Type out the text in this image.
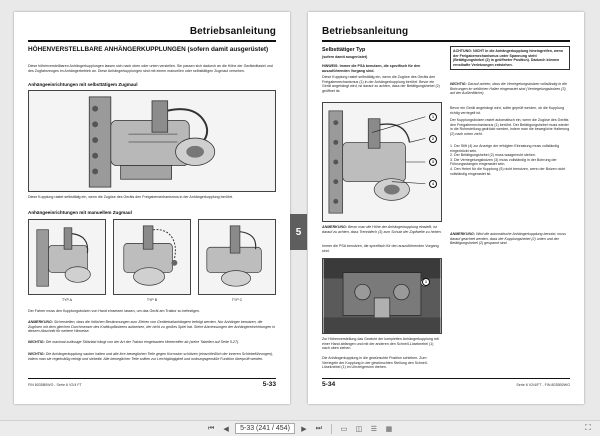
Betriebsanleitung
HÖHENVERSTELLBARE ANHÄNGERKUPPLUNGEN (sofern damit ausgerüstet)
Diese höhenverstellbaren Anhängerkupplungen lassen sich nach oben oder unten verstellen. Sie passen sich dadurch an die Höhe der Geräteditasiel und des Zugfahrzeuges im Anhängerbetrieb an. Diese Anhängerkupplungen sind mit einem manuellen oder selbsttätigen Zugmaul versehen.
Anhängeeinrichtungen mit selbsttätigem Zugmaul
Diese Kupplung rastet selbsttätig ein, wenn die Zugöse des Geräts den Freigabemechanismus in der Anhängerkupplung berührt.
Anhängeeinrichtungen mit manuellem Zugmaul
TYP A	TYP B	TYP C
Der Fahrer muss den Kupplungsbolzen von Hand einsetzen lassen, um das Gerät am Traktor zu befestigen.
ANMERKUNG: Sicherstellen, dass die örtlichen Bestimmungen zum Ziehen von Gerätetrailanhängern befolgt werden. Nur Anhänger benutzen, die Zugösen mit dem gleichen Durchmesser des Kraftkupfbolzens aufweisen, der nicht zu großes Spiel hat. Siehe Abmessungen der Anhängereinrichtungen in diesem Abschnitt für weitere Hinweise.
WICHTIG: Die maximal zulässige Stützlast hängt von der Art der Traktor eingebauten Hinterreifen ab (siehe Tabellen auf Seite 5-27).
WICHTIG: Die Anhängerkupplung sauber halten und alle ihre beweglichen Teile gegen Korrosion schützen (einschließlich der inneren Schiebeführungen), indem man sie regelmäßig reinigt und siebelbt. Alle beweglichen Teile sollten zur Leichtgängigkeit und ordnungsgemäße Funktion überprüft werden.
FIN 8035B0WG - Serie 6 V2/4 FT	5-33
5
Betriebsanleitung
Selbsttätiger Typ
(sofern damit ausgerüstet)
HINWEIS: Immer die PSA benutzen, die spezifisch für den auszuführenden Vorgang sind.
Diese Kupplung rastet selbsttätig ein, wenn die Zugöse des Geräts den Freigabemechanismus (1) in der Anhängerkupplung berührt. Bevor ein Gerät angehängt wird, ist darauf zu achten, dass der Betätigungshebel (2) geöffnet ist.
ACHTUNG: NICHT in die Anhängerkupplung hineingreifen, wenn der Freigabemechanismus unter Spannung steht (Betätigungshebel (2) in geöffneter Position). Dadurch können ernsthafte Verletzungen entstehen.
WICHTIG: Darauf achten, dass die Verriegelungsbolzen vollständig in die Bohrungen im seitlichen Halter eingerastet sind (Verriegelungsbolzen (3) auf der Außenfläche).
Bevor ein Gerät angehängt wird, sollte geprüft werden, ob die Kupplung richtig verriegelt ist.
Der Kupplungsbolzen rastet automatisch ein, wenn die Zugöse des Geräts den Freigabemechanismus (1) berührt. Der Betätigungshebel muss wieder in die Ruhestellung gedrückt werden, indem man die bewegliche Halterung (2) nach unten zieht.
1. Der Stift (4) zur Anzeige der erfolgten Einrastung muss vollständig eingedrückt sein.
2. Der Betätigungshebel (2) muss waagerecht stehen.
3. Die Verriegelungsbolzen (3) muss vollständig in der Bohrung der Führungsstangen eingerastet sein.
4. Den Hebel für die Kupplung (5) nicht benutzen, wenn der Bolzen nicht vollständig eingerastet ist.
1
2
3
4
ANMERKUNG: Bevor man die Höhe der Anhängerkupplung einstellt, ist darauf zu achten, dass Trennblech (3) zum Schutz der Zapfwelle zu heben.
Immer die PSA benutzen, die spezifisch für den auszuführenden Vorgang sind.
ANMERKUNG: Wird die automatische Anhängerkupplung benutzt, muss darauf geachtet werden, dass der Kupplungshebel (2) unten und der Betätigungshebel (2) gespannt sind.
1
Zur Höhenverstellung das Gewicht der kompletten Anhängerkupplung mit einer Hand abfangen und mit der anderen den Schnell-Löseknebel (1) nach oben ziehen.
Die Anhängerkupplung in die gewünschte Position schieben. Zum Verriegeln der Kupplung in der gewünschten Stellung den Schnell-Löseknebel (1) im Uhrzeigersinn drehen.
5-34	Serie 6 V2/4/FT - FIN 8035B0WG
⏮	◀	5-33 (241 / 454)	▶	⏭	▭	◫	☰	▦	⛶
